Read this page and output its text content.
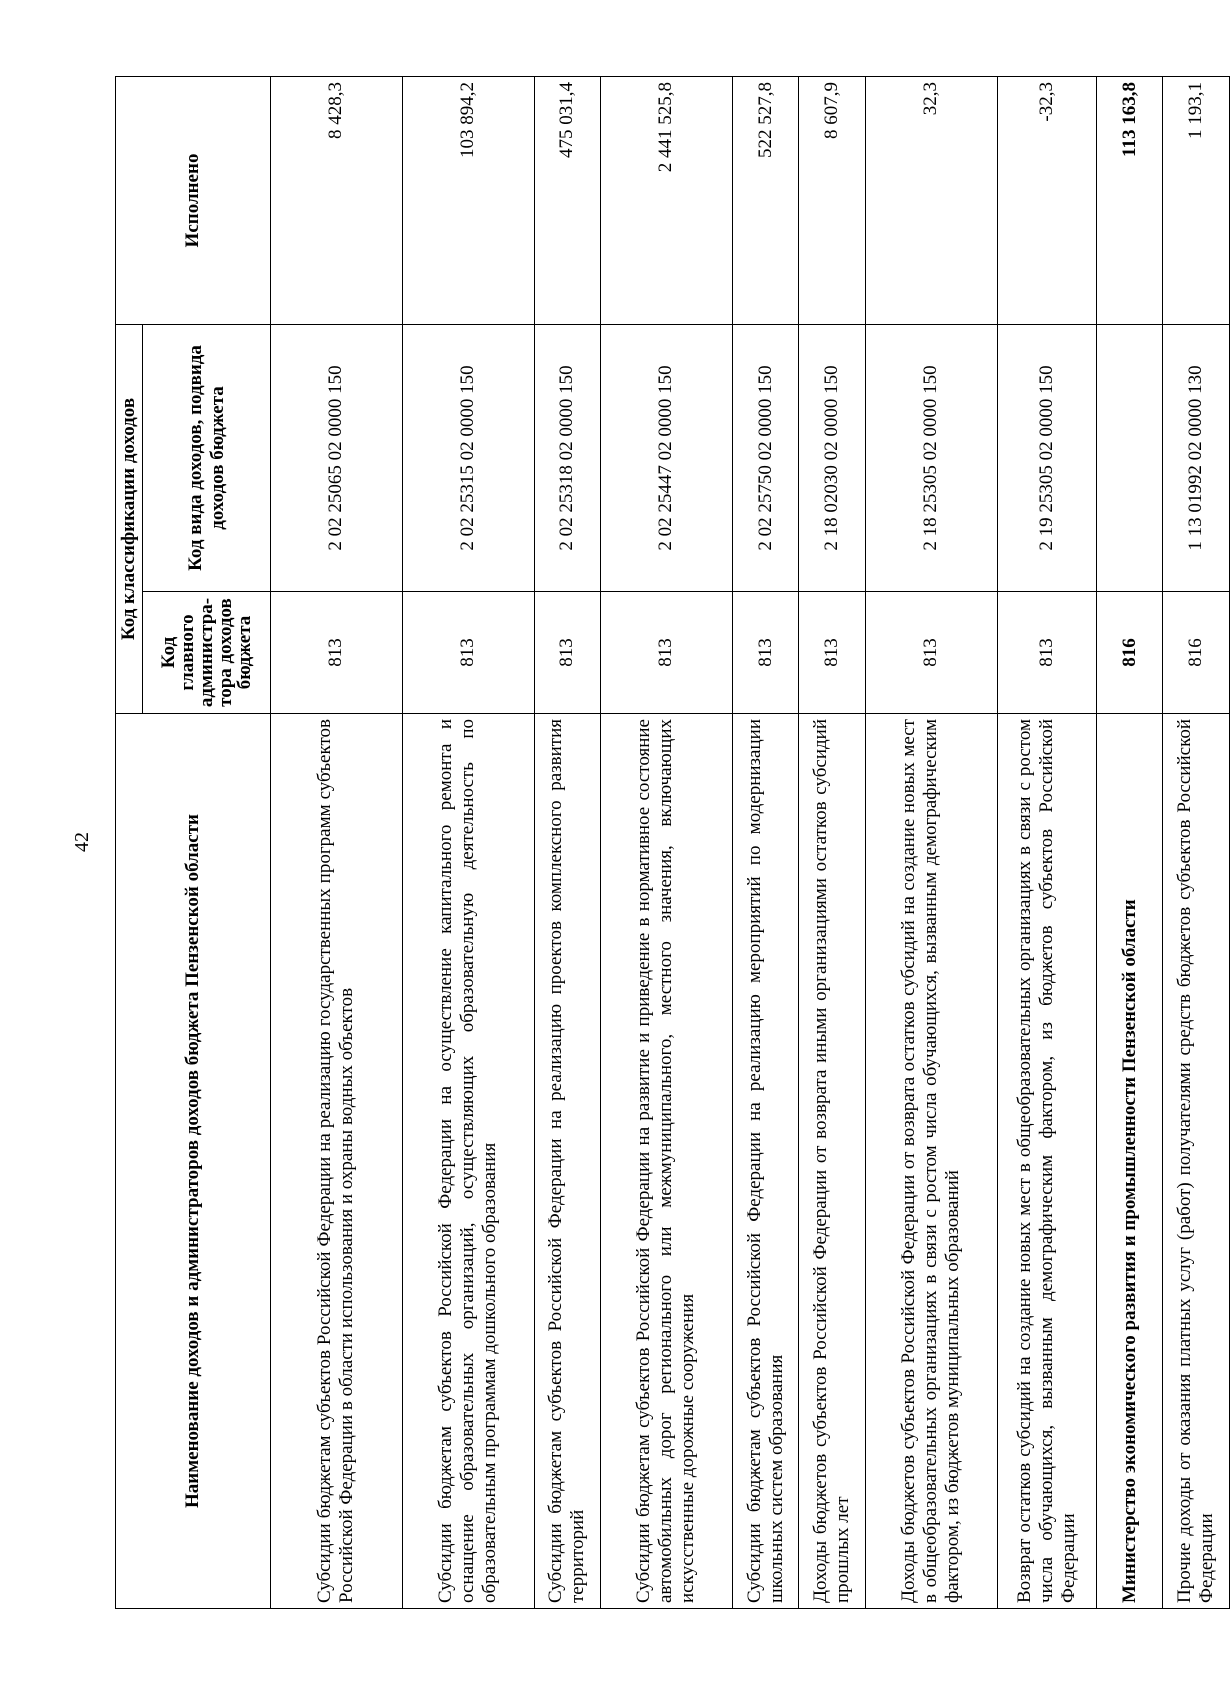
42	Наименование доходов и администраторов доходов бюджета Пензенской области	Код классификации доходов		Исполнено
	Код главного администра-тора доходов бюджета	Код вида доходов, подвида доходов бюджета	
Субсидии бюджетам субъектов Российской Федерации на реализацию государственных программ субъектов Российской Федерации в области использования и охраны водных объектов	813	2 02 25065 02 0000 150	8 428,3
Субсидии бюджетам субъектов Российской Федерации на осуществление капитального ремонта и оснащение образовательных организаций, осуществляющих образовательную деятельность по образовательным программам дошкольного образования	813	2 02 25315 02 0000 150	103 894,2
Субсидии бюджетам субъектов Российской Федерации на реализацию проектов комплексного развития территорий	813	2 02 25318 02 0000 150	475 031,4
Субсидии бюджетам субъектов Российской Федерации на развитие и приведение в нормативное состояние автомобильных дорог регионального или межмуниципального, местного значения, включающих искусственные дорожные сооружения	813	2 02 25447 02 0000 150	2 441 525,8
Субсидии бюджетам субъектов Российской Федерации на реализацию мероприятий по модернизации школьных систем образования	813	2 02 25750 02 0000 150	522 527,8
Доходы бюджетов субъектов Российской Федерации от возврата иными организациями остатков субсидий прошлых лет	813	2 18 02030 02 0000 150	8 607,9
Доходы бюджетов субъектов Российской Федерации от возврата остатков субсидий на создание новых мест в общеобразовательных организациях в связи с ростом числа обучающихся, вызванным демографическим фактором, из бюджетов муниципальных образований	813	2 18 25305 02 0000 150	32,3
Возврат остатков субсидий на создание новых мест в общеобразовательных организациях в связи с ростом числа обучающихся, вызванным демографическим фактором, из бюджетов субъектов Российской Федерации	813	2 19 25305 02 0000 150	-32,3
Министерство экономического развития и промышленности Пензенской области	816		113 163,8
Прочие доходы от оказания платных услуг (работ) получателями средств бюджетов субъектов Российской Федерации	816	1 13 01992 02 0000 130	1 193,1
